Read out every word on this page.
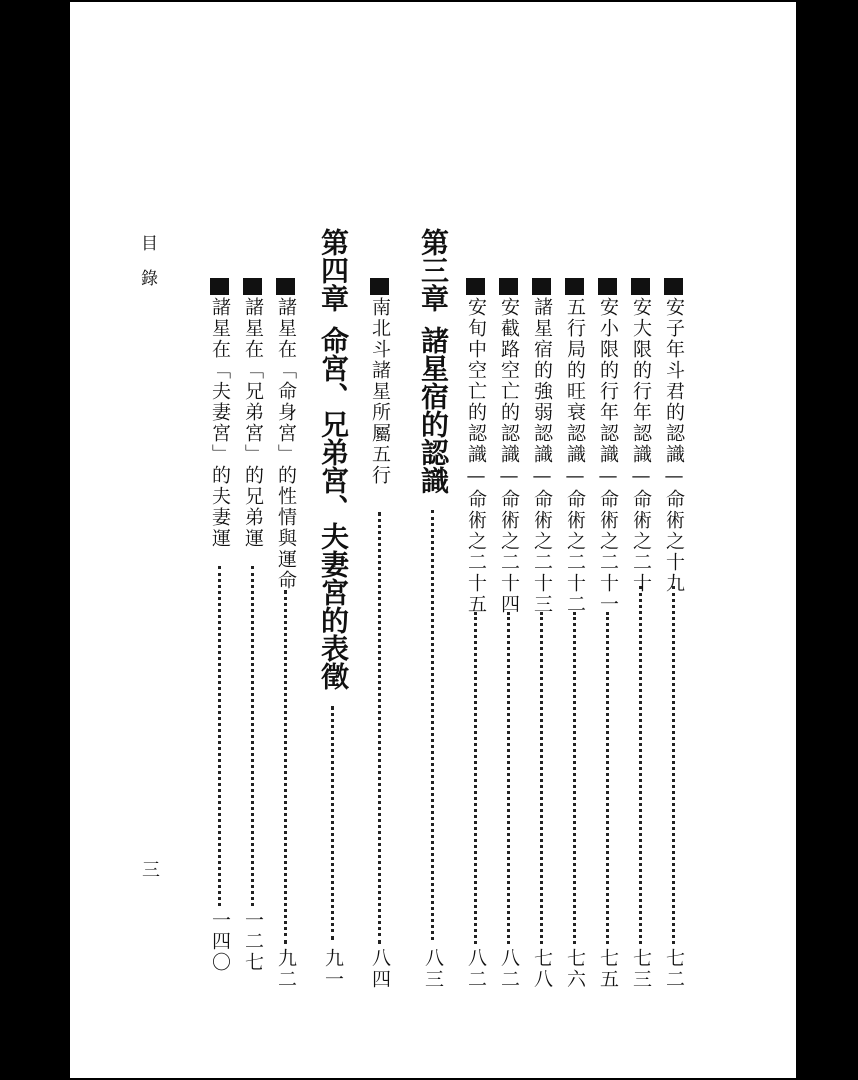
目錄
三
安子年斗君的認識—命術之十九
七二
安大限的行年認識—命術之二十
七三
安小限的行年認識—命術之二十一
七五
五行局的旺衰認識—命術之二十二
七六
諸星宿的強弱認識—命術之二十三
七八
安截路空亡的認識—命術之二十四
八二
安旬中空亡的認識—命術之二十五
八二
第三章諸星宿的認識
八三
南北斗諸星所屬五行
八四
第四章命宮、兄弟宮、夫妻宮的表徵
九一
諸星在「命身宮」的性情與運命
九二
諸星在「兄弟宮」的兄弟運
一二七
諸星在「夫妻宮」的夫妻運
一四〇
